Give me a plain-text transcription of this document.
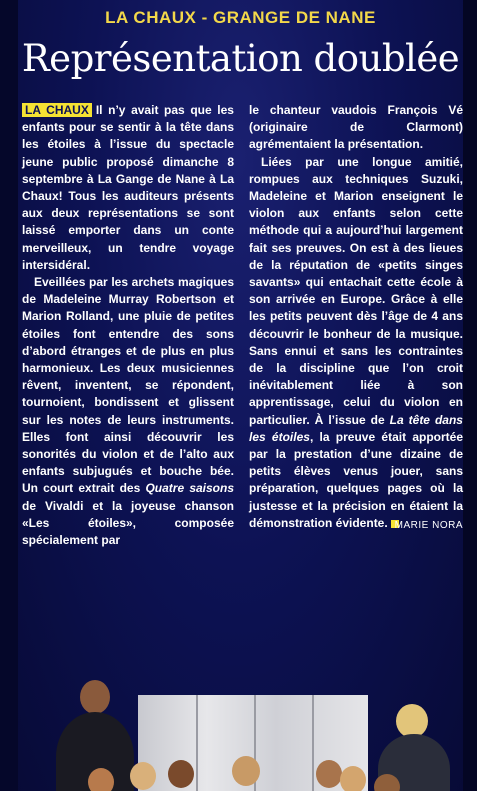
LA CHAUX - GRANGE DE NANE
Représentation doublée

LA CHAUX Il n’y avait pas que les enfants pour se sentir à la tête dans les étoiles à l’issue du spectacle jeune public proposé dimanche 8 septembre à La Gange de Nane à La Chaux! Tous les auditeurs présents aux deux représentations se sont laissé emporter dans un conte merveilleux, un tendre voyage intersidéral.

Eveillées par les archets magiques de Madeleine Murray Robertson et Marion Rolland, une pluie de petites étoiles font entendre des sons d’abord étranges et de plus en plus harmonieux. Les deux musiciennes rêvent, inventent, se répondent, tournoient, bondissent et glissent sur les notes de leurs instruments. Elles font ainsi découvrir les sonorités du violon et de l’alto aux enfants subjugués et bouche bée. Un court extrait des Quatre saisons de Vivaldi et la joyeuse chanson «Les étoiles», composée spécialement par

le chanteur vaudois François Vé (originaire de Clarmont) agrémentaient la présentation.

Liées par une longue amitié, rompues aux techniques Suzuki, Madeleine et Marion enseignent le violon aux enfants selon cette méthode qui a aujourd’hui largement fait ses preuves. On est à des lieues de la réputation de «petits singes savants» qui entachait cette école à son arrivée en Europe. Grâce à elle les petits peuvent dès l’âge de 4 ans découvrir le bonheur de la musique. Sans ennui et sans les contraintes de la discipline que l’on croit inévitablement liée à son apprentissage, celui du violon en particulier. À l’issue de La tête dans les étoiles, la preuve était apportée par la prestation d’une dizaine de petits élèves venus jouer, sans préparation, quelques pages où la justesse et la précision en étaient la démonstration évidente. MARIE NORA
